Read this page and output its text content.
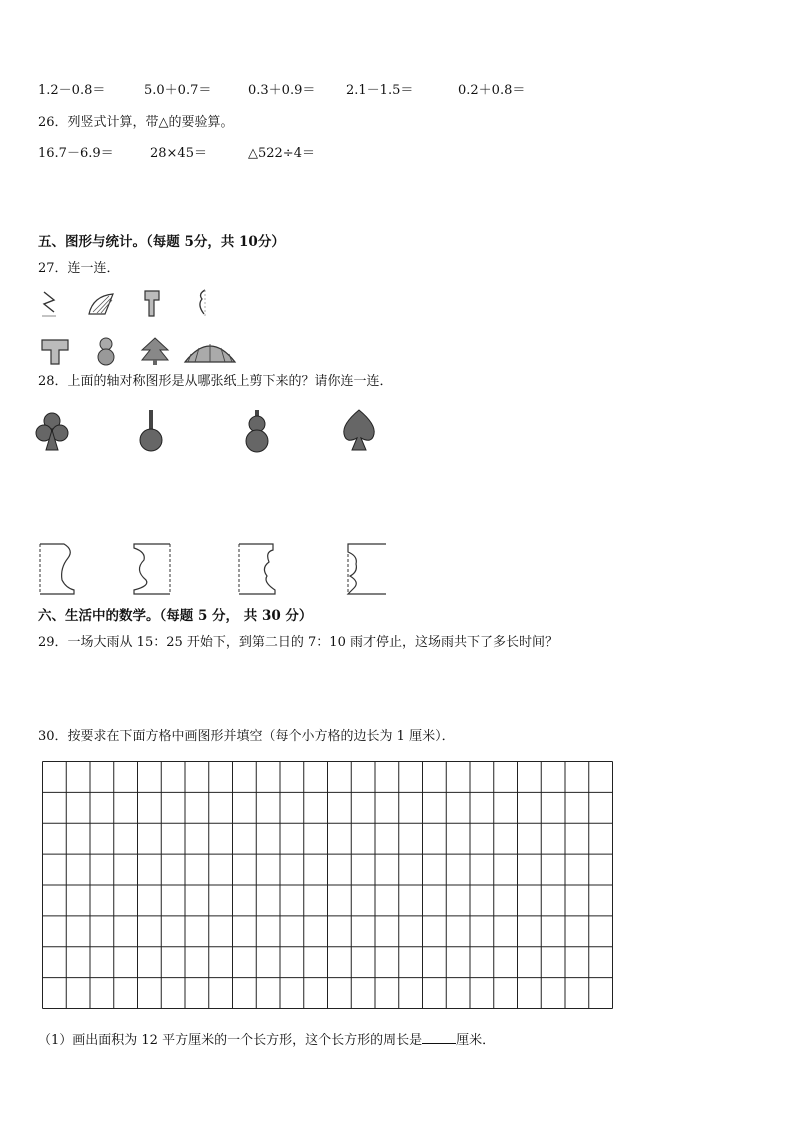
1.2－0.8＝	5.0＋0.7＝	0.3＋0.9＝ 2.1－1.5＝	0.2＋0.8＝
26．列竖式计算，带△的要验算。
16.7－6.9＝	28×45＝	△522÷4＝
五、图形与统计。（每题 5分，共 10分）
27．连一连．
28．上面的轴对称图形是从哪张纸上剪下来的？请你连一连．
六、生活中的数学。（每题 5 分， 共 30 分）
29．一场大雨从 15：25 开始下，到第二日的 7：10 雨才停止，这场雨共下了多长时间？
30．按要求在下面方格中画图形并填空（每个小方格的边长为 1 厘米）．
（1）画出面积为 12 平方厘米的一个长方形，这个长方形的周长是	厘米．
